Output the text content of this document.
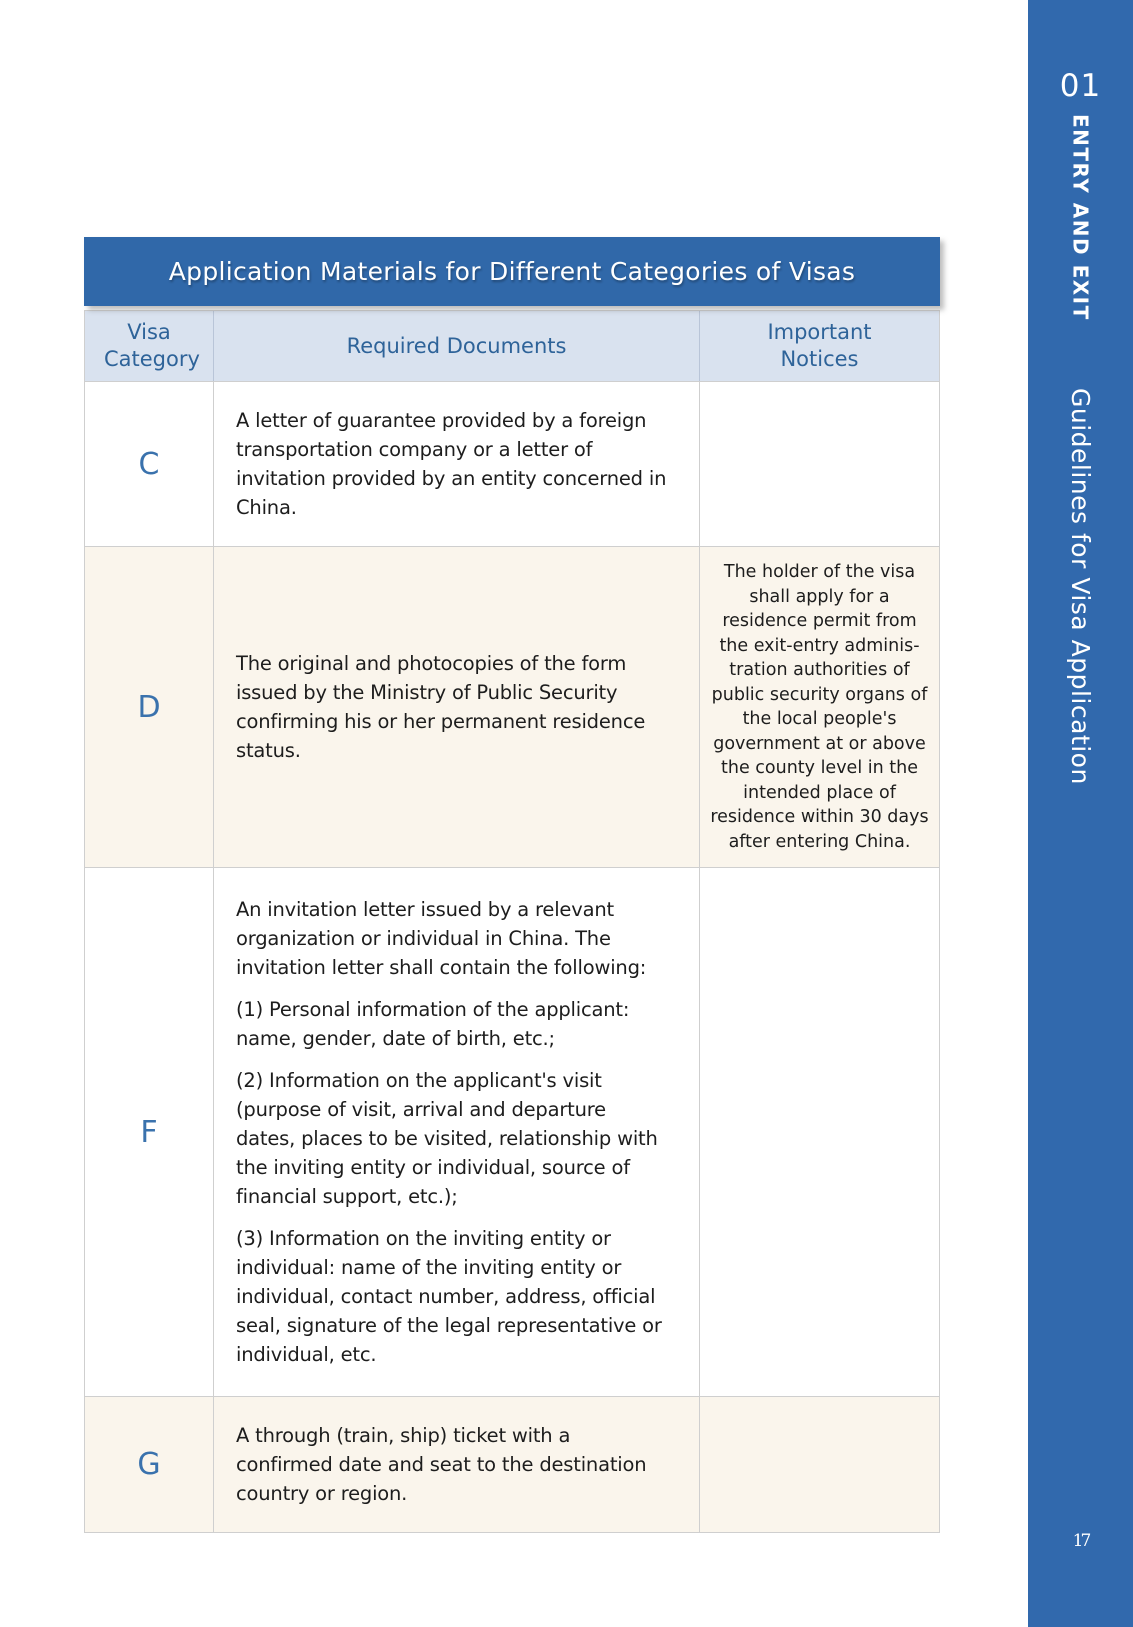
Application Materials for Different Categories of Visas
Visa Category
Required Documents
Important Notices
C
A letter of guarantee provided by a foreign transportation company or a letter of invitation provided by an entity concerned in China.
D
The original and photocopies of the form issued by the Ministry of Public Security confirming his or her permanent residence status.
The holder of the visa
shall apply for a
residence permit from
the exit-entry adminis-
tration authorities of
public security organs of
the local people's
government at or above
the county level in the
intended place of
residence within 30 days
after entering China.
F
An invitation letter issued by a relevant organization or individual in China. The invitation letter shall contain the following:
(1) Personal information of the applicant: name, gender, date of birth, etc.;
(2) Information on the applicant's visit (purpose of visit, arrival and departure dates, places to be visited, relationship with the inviting entity or individual, source of financial support, etc.);
(3) Information on the inviting entity or individual: name of the inviting entity or individual, contact number, address, official seal, signature of the legal representative or individual, etc.
G
A through (train, ship) ticket with a confirmed date and seat to the destination country or region.
01
ENTRY AND EXIT
Guidelines for Visa Application
17
